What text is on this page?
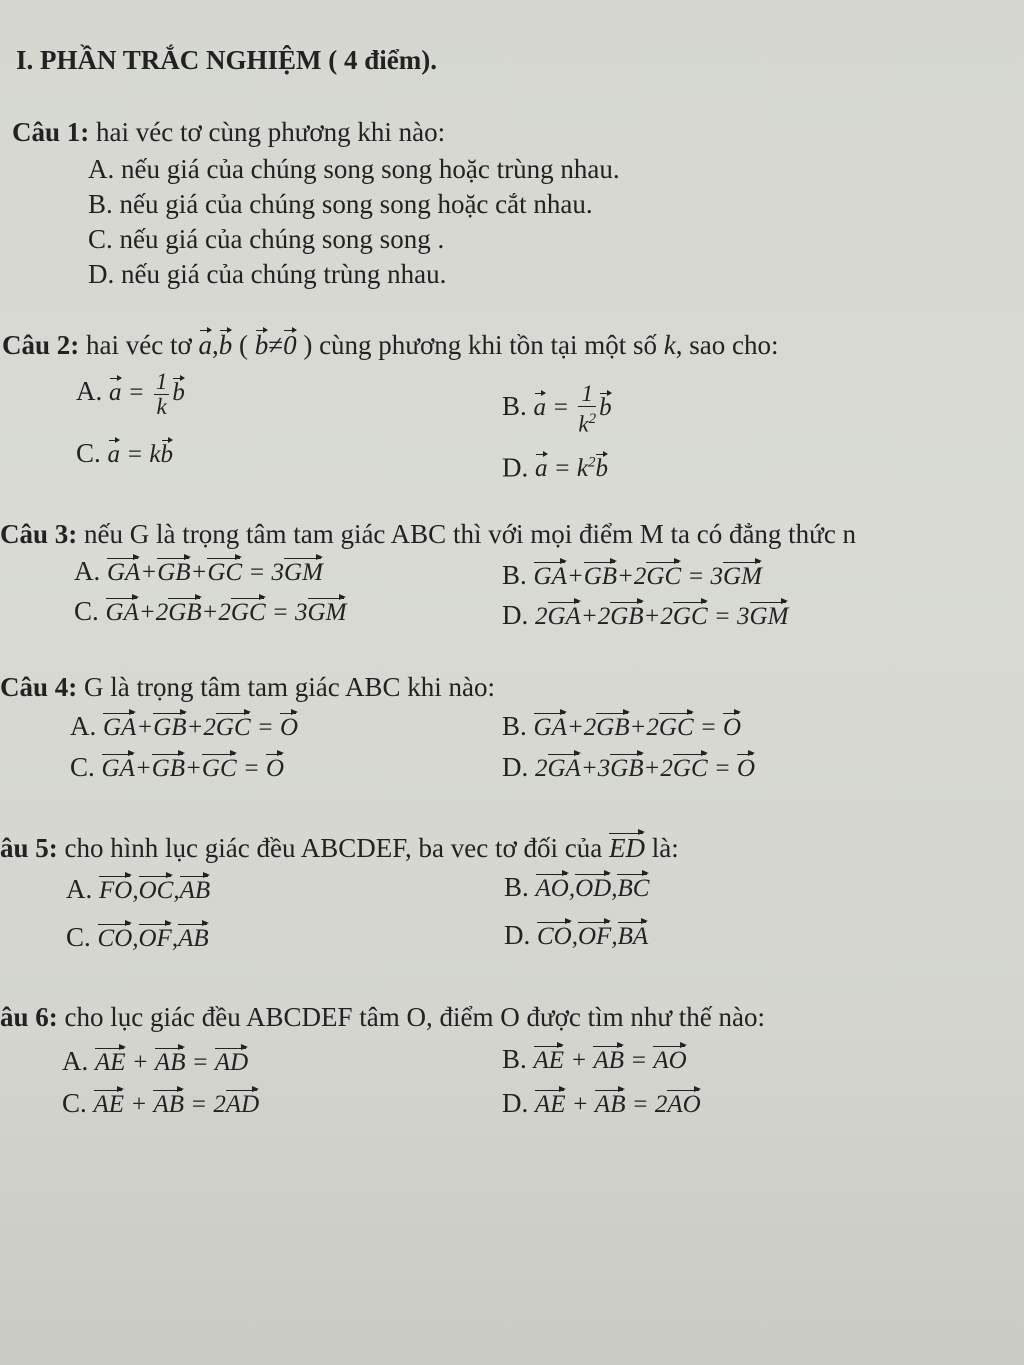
I. PHẦN TRẮC NGHIỆM ( 4 điểm).
Câu 1: hai véc tơ cùng phương khi nào:
A. nếu giá của chúng song song hoặc trùng nhau.
B. nếu giá của chúng song song hoặc cắt nhau.
C. nếu giá của chúng song song .
D. nếu giá của chúng trùng nhau.
Câu 2: hai véc tơ a,b ( b≠0 ) cùng phương khi tồn tại một số k, sao cho:
A. $a = \frac{1}{k}$ b	B. $a = \frac{1}{k^2}$ b
C. a = kb	D. $a = k^2b$
Câu 3: nếu G là trọng tâm tam giác ABC thì với mọi điểm M ta có đẳng thức n
A. GA+GB+GC = 3GM	B. GA+GB+2GC = 3GM
C. GA+2GB+2GC = 3GM	D. 2GA+2GB+2GC = 3GM
Câu 4: G là trọng tâm tam giác ABC khi nào:
A. GA+GB+2GC = O	B. GA+2GB+2GC = O
C. GA+GB+GC = O	D. 2GA+3GB+2GC = O
âu 5: cho hình lục giác đều ABCDEF, ba vec tơ đối của ED là:
A. FO,OC,AB	B. AO,OD,BC
C. CO,OF,AB	D. CO,OF,BA
âu 6: cho lục giác đều ABCDEF tâm O, điểm O được tìm như thế nào:
A. AE + AB = AD	B. AE + AB = AO
C. AE + AB = 2AD	D. AE + AB = 2AO
